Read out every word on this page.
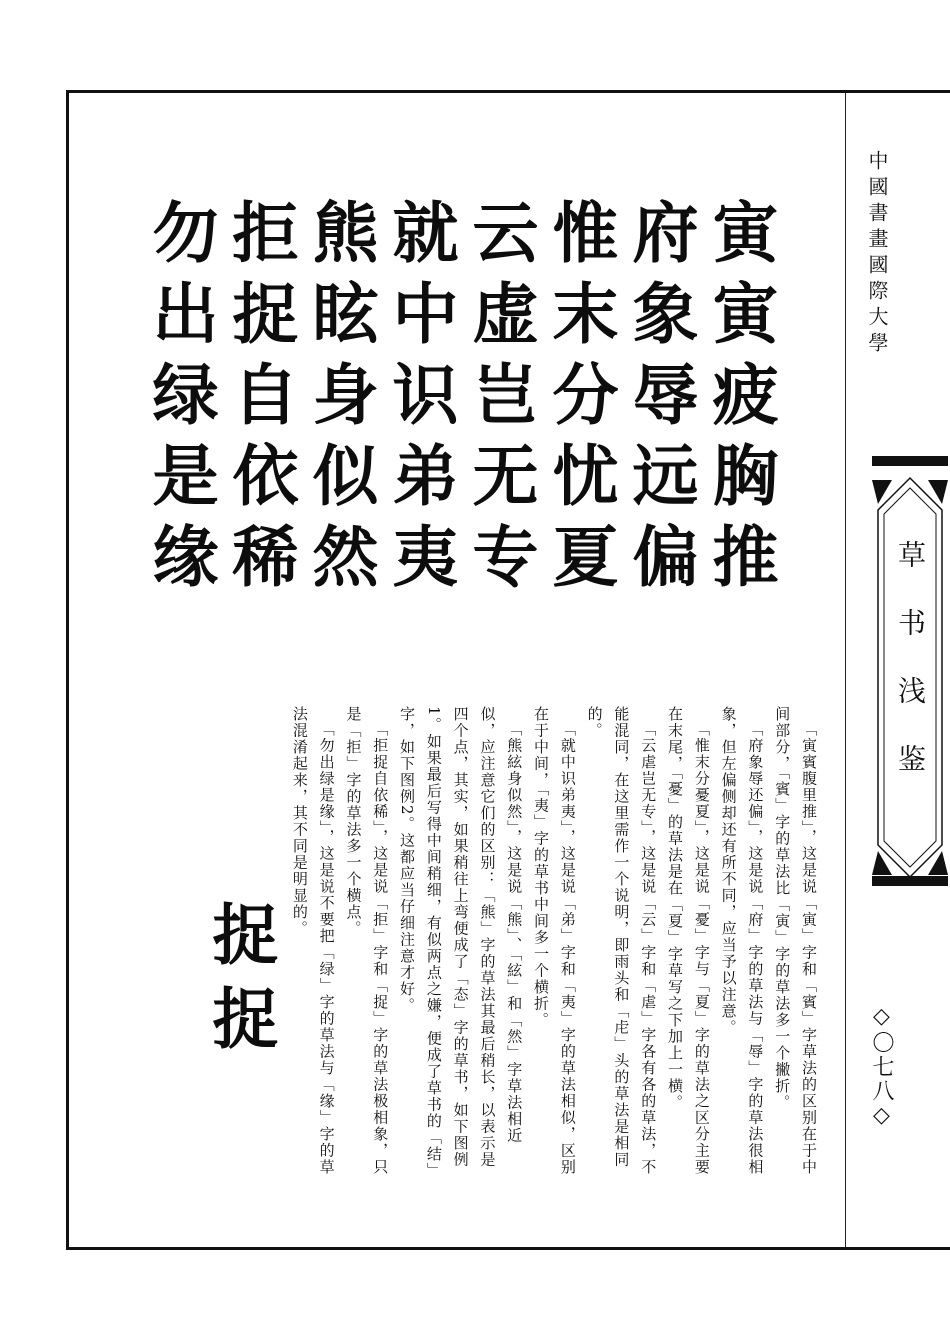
中國書畫國際大學
草书浅鉴
◇〇七八◇
寅寅疲胸推
府象辱远偏
惟末分忧夏
云虚岂无专
就中识弟夷
熊眩身似然
拒捉自依稀
勿出绿是缘

「寅賓腹里推」，这是说「寅」字和「賓」字草法的区别在于中间部分，「賓」字的草法比「寅」字的草法多一个撇折。

「府象辱还偏」，这是说「府」字的草法与「辱」字的草法很相象，但左偏侧却还有所不同，应当予以注意。

「惟末分憂夏」，这是说「憂」字与「夏」字的草法之区分主要在末尾，「憂」的草法是在「夏」字草写之下加上一横。

「云虐岂无专」，这是说「云」字和「虐」字各有各的草法，不能混同，在这里需作一个说明，即雨头和「虍」头的草法是相同的。

「就中识弟夷」，这是说「弟」字和「夷」字的草法相似，区别在于中间，「夷」字的草书中间多一个横折。

「熊絃身似然」，这是说「熊」、「絃」和「然」字草法相近似，应注意它们的区别：「熊」字的草法其最后稍长，以表示是四个点，其实，如果稍往上弯便成了「态」字的草书，如下图例1。如果最后写得中间稍细，有似两点之嫌，便成了草书的「结」字，如下图例2。这都应当仔细注意才好。

「拒捉自依稀」，这是说「拒」字和「捉」字的草法极相象，只是「拒」字的草法多一个横点。

「勿出绿是缘」，这是说不要把「绿」字的草法与「缘」字的草法混淆起来，其不同是明显的。

捉捉
